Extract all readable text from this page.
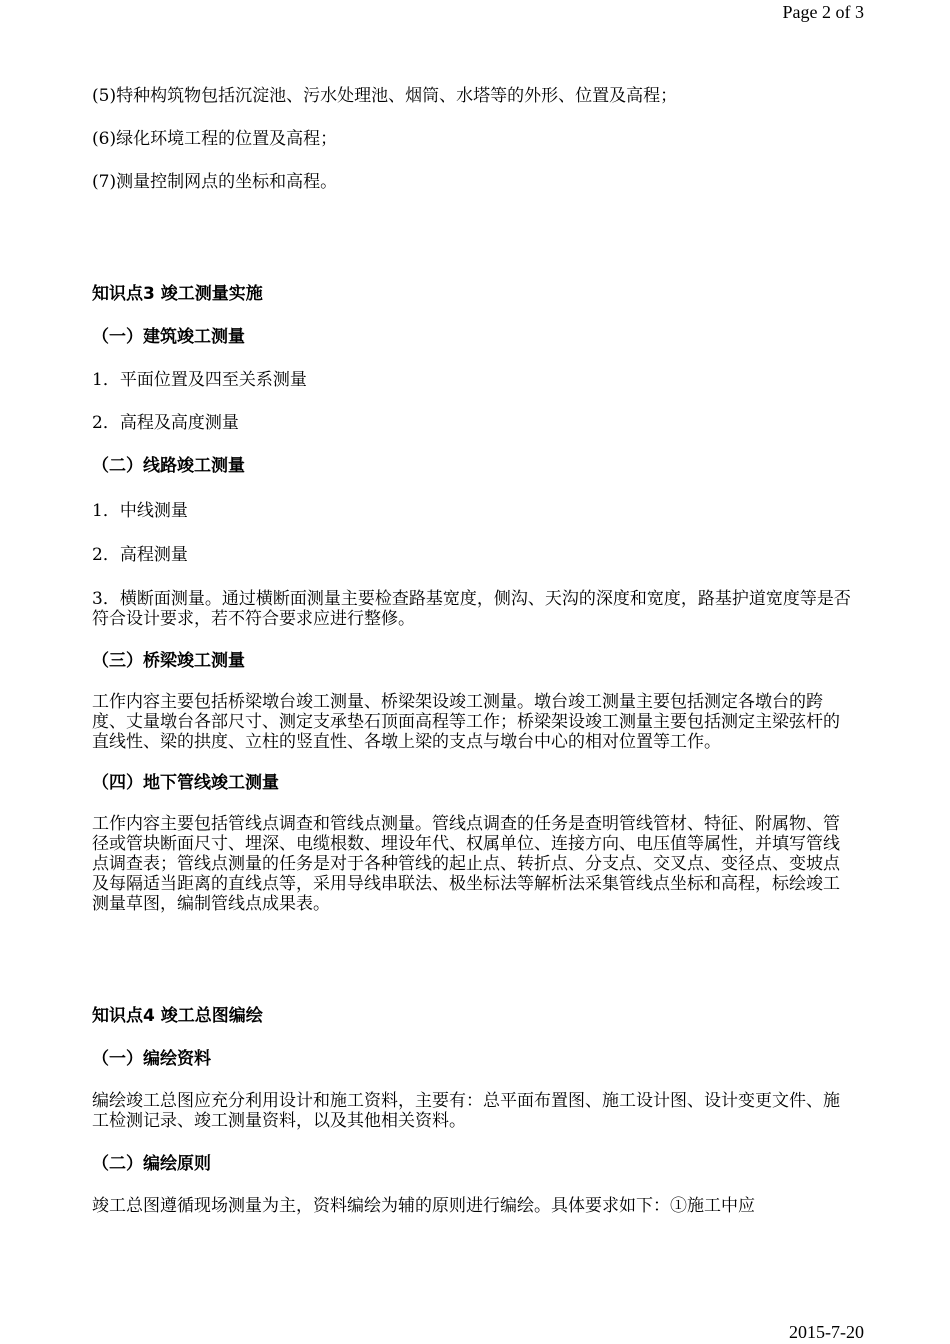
Page 2 of 3

(5)特种构筑物包括沉淀池、污水处理池、烟筒、水塔等的外形、位置及高程；

(6)绿化环境工程的位置及高程；

(7)测量控制网点的坐标和高程。

知识点3 竣工测量实施

（一）建筑竣工测量

1．平面位置及四至关系测量

2．高程及高度测量

（二）线路竣工测量

1．中线测量

2．高程测量

3．横断面测量。通过横断面测量主要检查路基宽度，侧沟、天沟的深度和宽度，路基护道宽度等是否符合设计要求，若不符合要求应进行整修。

（三）桥梁竣工测量

工作内容主要包括桥梁墩台竣工测量、桥梁架设竣工测量。墩台竣工测量主要包括测定各墩台的跨度、丈量墩台各部尺寸、测定支承垫石顶面高程等工作；桥梁架设竣工测量主要包括测定主梁弦杆的直线性、梁的拱度、立柱的竖直性、各墩上梁的支点与墩台中心的相对位置等工作。

（四）地下管线竣工测量

工作内容主要包括管线点调查和管线点测量。管线点调查的任务是查明管线管材、特征、附属物、管径或管块断面尺寸、埋深、电缆根数、埋设年代、权属单位、连接方向、电压值等属性，并填写管线点调查表；管线点测量的任务是对于各种管线的起止点、转折点、分支点、交叉点、变径点、变坡点及每隔适当距离的直线点等，采用导线串联法、极坐标法等解析法采集管线点坐标和高程，标绘竣工测量草图，编制管线点成果表。

知识点4 竣工总图编绘

（一）编绘资料

编绘竣工总图应充分利用设计和施工资料，主要有：总平面布置图、施工设计图、设计变更文件、施工检测记录、竣工测量资料，以及其他相关资料。

（二）编绘原则

竣工总图遵循现场测量为主，资料编绘为辅的原则进行编绘。具体要求如下：①施工中应

2015-7-20
